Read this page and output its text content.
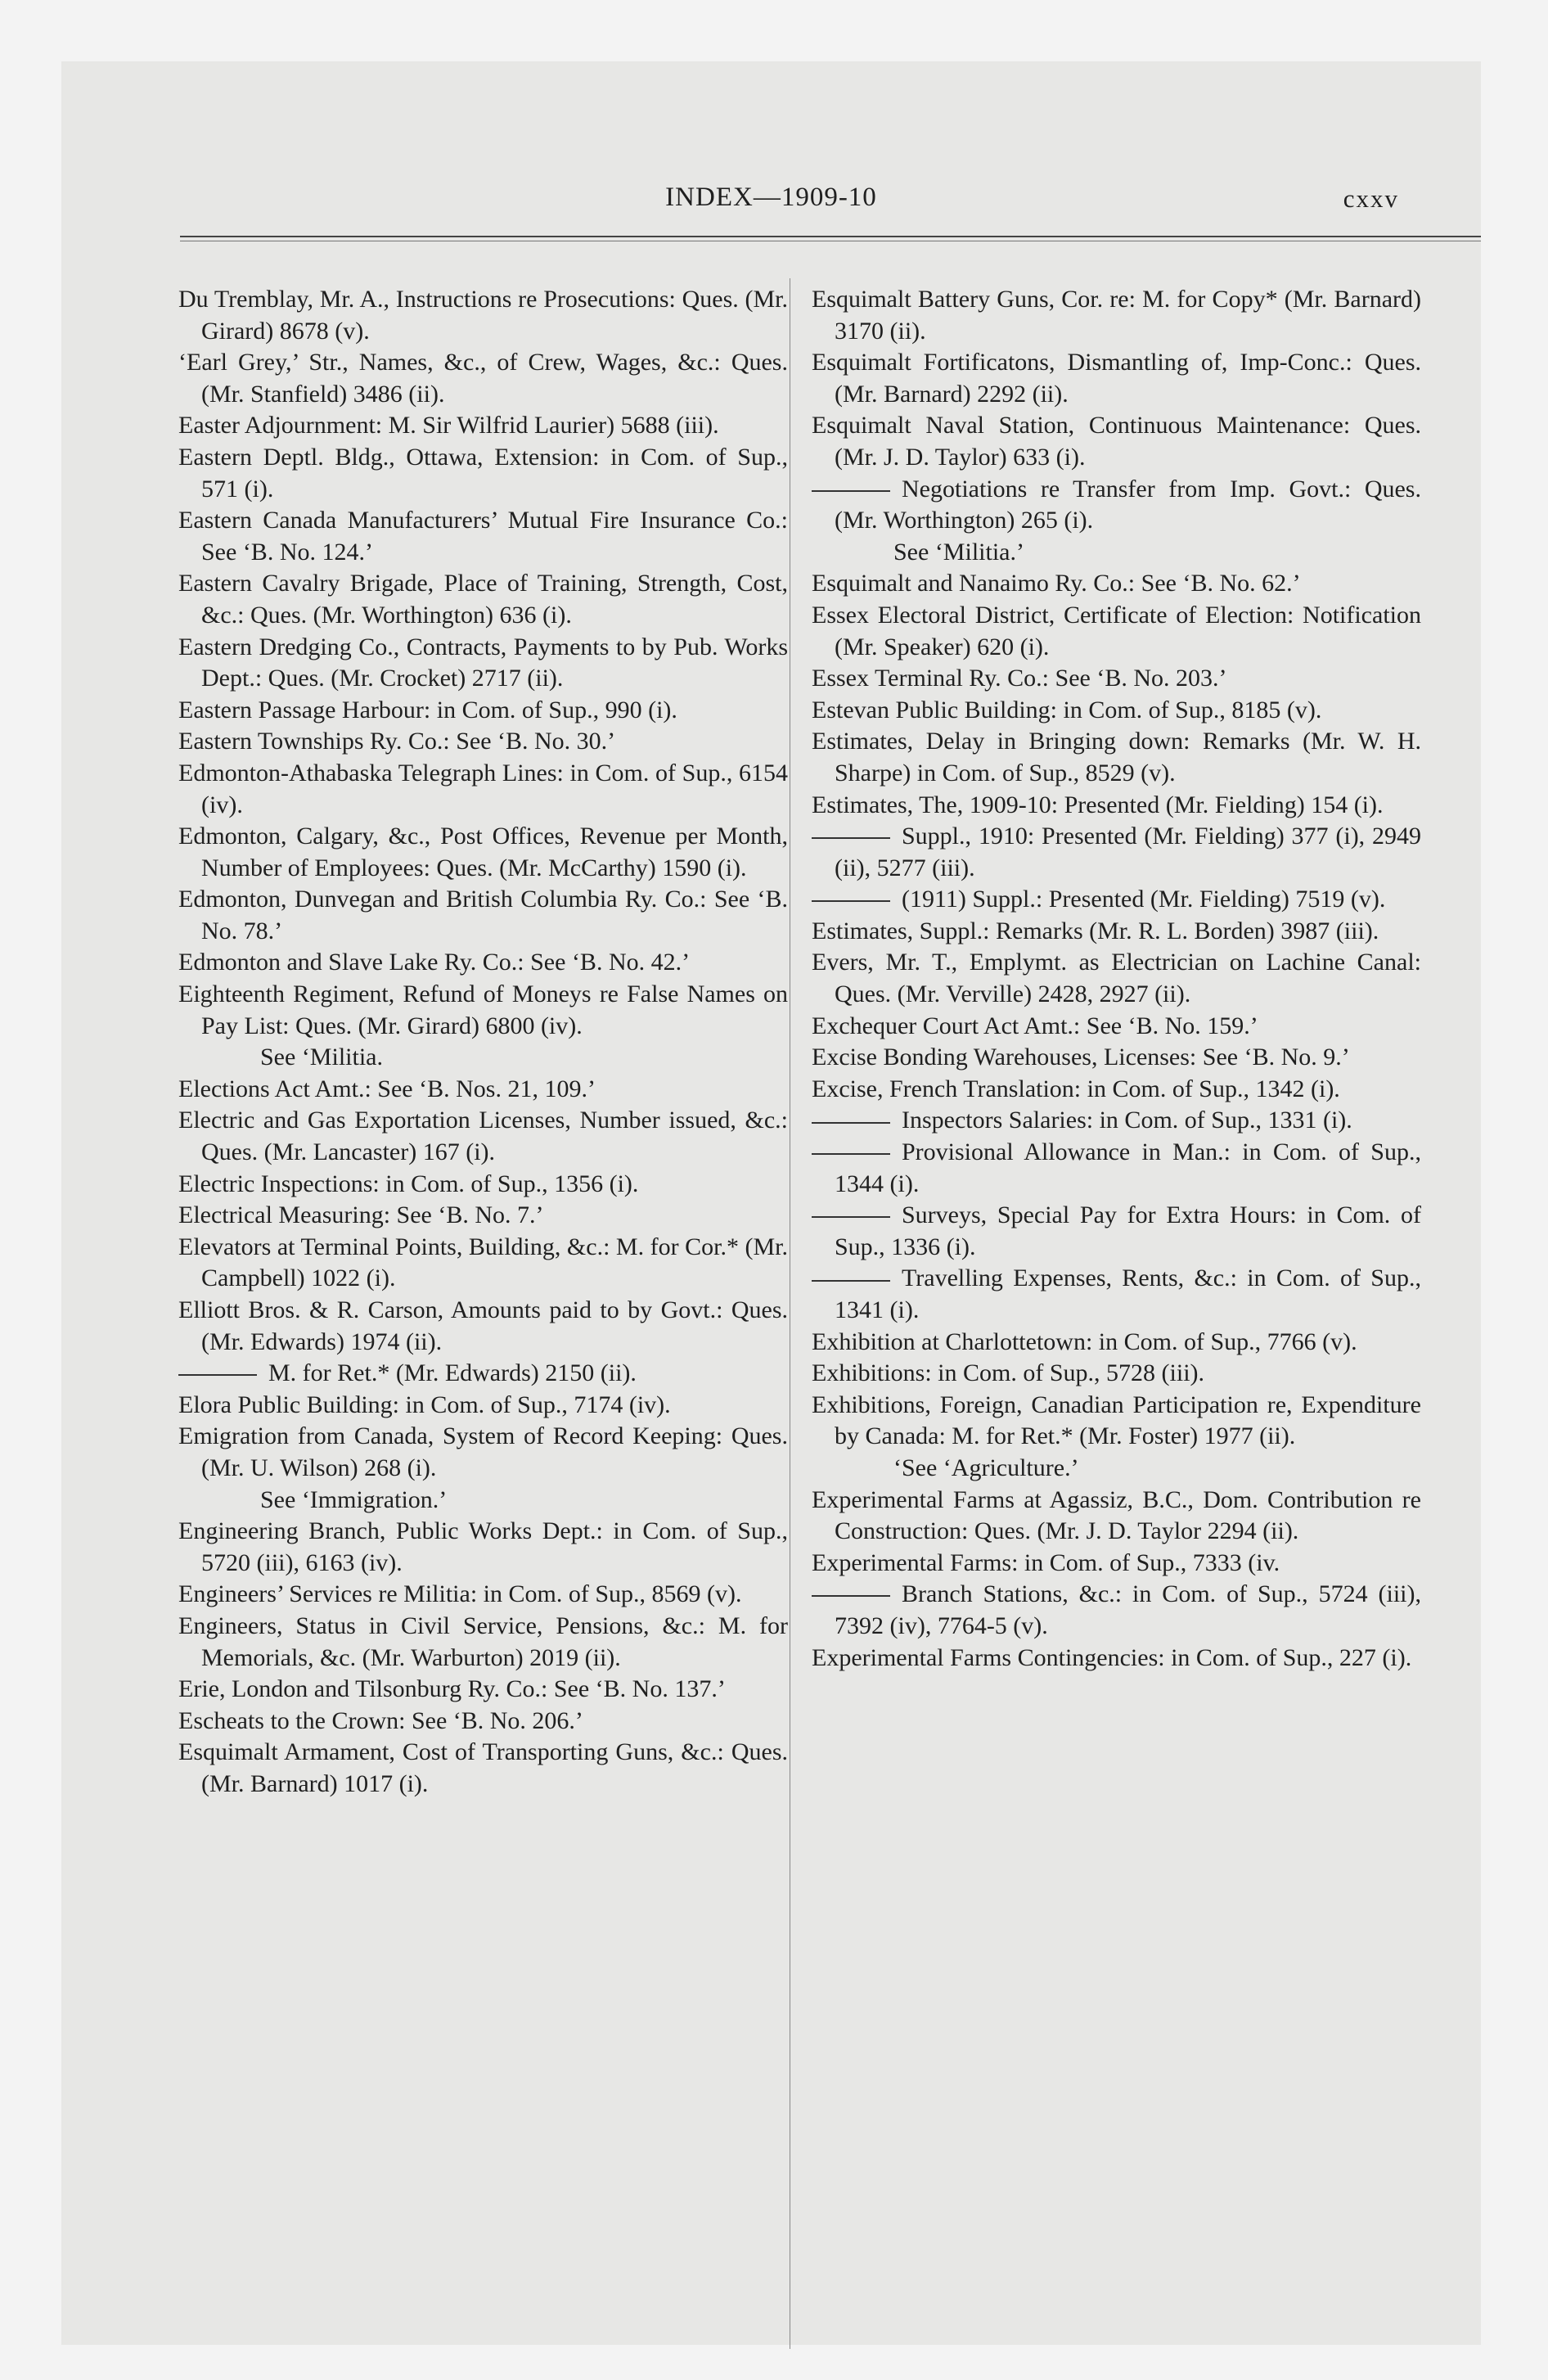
INDEX—1909-10	cxxv

Du Tremblay, Mr. A., Instructions re Prosecutions: Ques. (Mr. Girard) 8678 (v).

‘Earl Grey,’ Str., Names, &c., of Crew, Wages, &c.: Ques. (Mr. Stanfield) 3486 (ii).

Easter Adjournment: M. Sir Wilfrid Laurier) 5688 (iii).

Eastern Deptl. Bldg., Ottawa, Extension: in Com. of Sup., 571 (i).

Eastern Canada Manufacturers’ Mutual Fire Insurance Co.: See ‘B. No. 124.’

Eastern Cavalry Brigade, Place of Training, Strength, Cost, &c.: Ques. (Mr. Worthington) 636 (i).

Eastern Dredging Co., Contracts, Payments to by Pub. Works Dept.: Ques. (Mr. Crocket) 2717 (ii).

Eastern Passage Harbour: in Com. of Sup., 990 (i).

Eastern Townships Ry. Co.: See ‘B. No. 30.’

Edmonton-Athabaska Telegraph Lines: in Com. of Sup., 6154 (iv).

Edmonton, Calgary, &c., Post Offices, Revenue per Month, Number of Employees: Ques. (Mr. McCarthy) 1590 (i).

Edmonton, Dunvegan and British Columbia Ry. Co.: See ‘B. No. 78.’

Edmonton and Slave Lake Ry. Co.: See ‘B. No. 42.’

Eighteenth Regiment, Refund of Moneys re False Names on Pay List: Ques. (Mr. Girard) 6800 (iv).

See ‘Militia.

Elections Act Amt.: See ‘B. Nos. 21, 109.’

Electric and Gas Exportation Licenses, Number issued, &c.: Ques. (Mr. Lancaster) 167 (i).

Electric Inspections: in Com. of Sup., 1356 (i).

Electrical Measuring: See ‘B. No. 7.’

Elevators at Terminal Points, Building, &c.: M. for Cor.* (Mr. Campbell) 1022 (i).

Elliott Bros. & R. Carson, Amounts paid to by Govt.: Ques. (Mr. Edwards) 1974 (ii).

M. for Ret.* (Mr. Edwards) 2150 (ii).

Elora Public Building: in Com. of Sup., 7174 (iv).

Emigration from Canada, System of Record Keeping: Ques. (Mr. U. Wilson) 268 (i).

See ‘Immigration.’

Engineering Branch, Public Works Dept.: in Com. of Sup., 5720 (iii), 6163 (iv).

Engineers’ Services re Militia: in Com. of Sup., 8569 (v).

Engineers, Status in Civil Service, Pensions, &c.: M. for Memorials, &c. (Mr. Warburton) 2019 (ii).

Erie, London and Tilsonburg Ry. Co.: See ‘B. No. 137.’

Escheats to the Crown: See ‘B. No. 206.’

Esquimalt Armament, Cost of Transporting Guns, &c.: Ques. (Mr. Barnard) 1017 (i).

Esquimalt Battery Guns, Cor. re: M. for Copy* (Mr. Barnard) 3170 (ii).

Esquimalt Fortificatons, Dismantling of, Imp-Conc.: Ques. (Mr. Barnard) 2292 (ii).

Esquimalt Naval Station, Continuous Maintenance: Ques. (Mr. J. D. Taylor) 633 (i).

Negotiations re Transfer from Imp. Govt.: Ques. (Mr. Worthington) 265 (i).

See ‘Militia.’

Esquimalt and Nanaimo Ry. Co.: See ‘B. No. 62.’

Essex Electoral District, Certificate of Election: Notification (Mr. Speaker) 620 (i).

Essex Terminal Ry. Co.: See ‘B. No. 203.’

Estevan Public Building: in Com. of Sup., 8185 (v).

Estimates, Delay in Bringing down: Remarks (Mr. W. H. Sharpe) in Com. of Sup., 8529 (v).

Estimates, The, 1909-10: Presented (Mr. Fielding) 154 (i).

Suppl., 1910: Presented (Mr. Fielding) 377 (i), 2949 (ii), 5277 (iii).

(1911) Suppl.: Presented (Mr. Fielding) 7519 (v).

Estimates, Suppl.: Remarks (Mr. R. L. Borden) 3987 (iii).

Evers, Mr. T., Emplymt. as Electrician on Lachine Canal: Ques. (Mr. Verville) 2428, 2927 (ii).

Exchequer Court Act Amt.: See ‘B. No. 159.’

Excise Bonding Warehouses, Licenses: See ‘B. No. 9.’

Excise, French Translation: in Com. of Sup., 1342 (i).

Inspectors Salaries: in Com. of Sup., 1331 (i).

Provisional Allowance in Man.: in Com. of Sup., 1344 (i).

Surveys, Special Pay for Extra Hours: in Com. of Sup., 1336 (i).

Travelling Expenses, Rents, &c.: in Com. of Sup., 1341 (i).

Exhibition at Charlottetown: in Com. of Sup., 7766 (v).

Exhibitions: in Com. of Sup., 5728 (iii).

Exhibitions, Foreign, Canadian Participation re, Expenditure by Canada: M. for Ret.* (Mr. Foster) 1977 (ii).

‘See ‘Agriculture.’

Experimental Farms at Agassiz, B.C., Dom. Contribution re Construction: Ques. (Mr. J. D. Taylor 2294 (ii).

Experimental Farms: in Com. of Sup., 7333 (iv.

Branch Stations, &c.: in Com. of Sup., 5724 (iii), 7392 (iv), 7764-5 (v).

Experimental Farms Contingencies: in Com. of Sup., 227 (i).
